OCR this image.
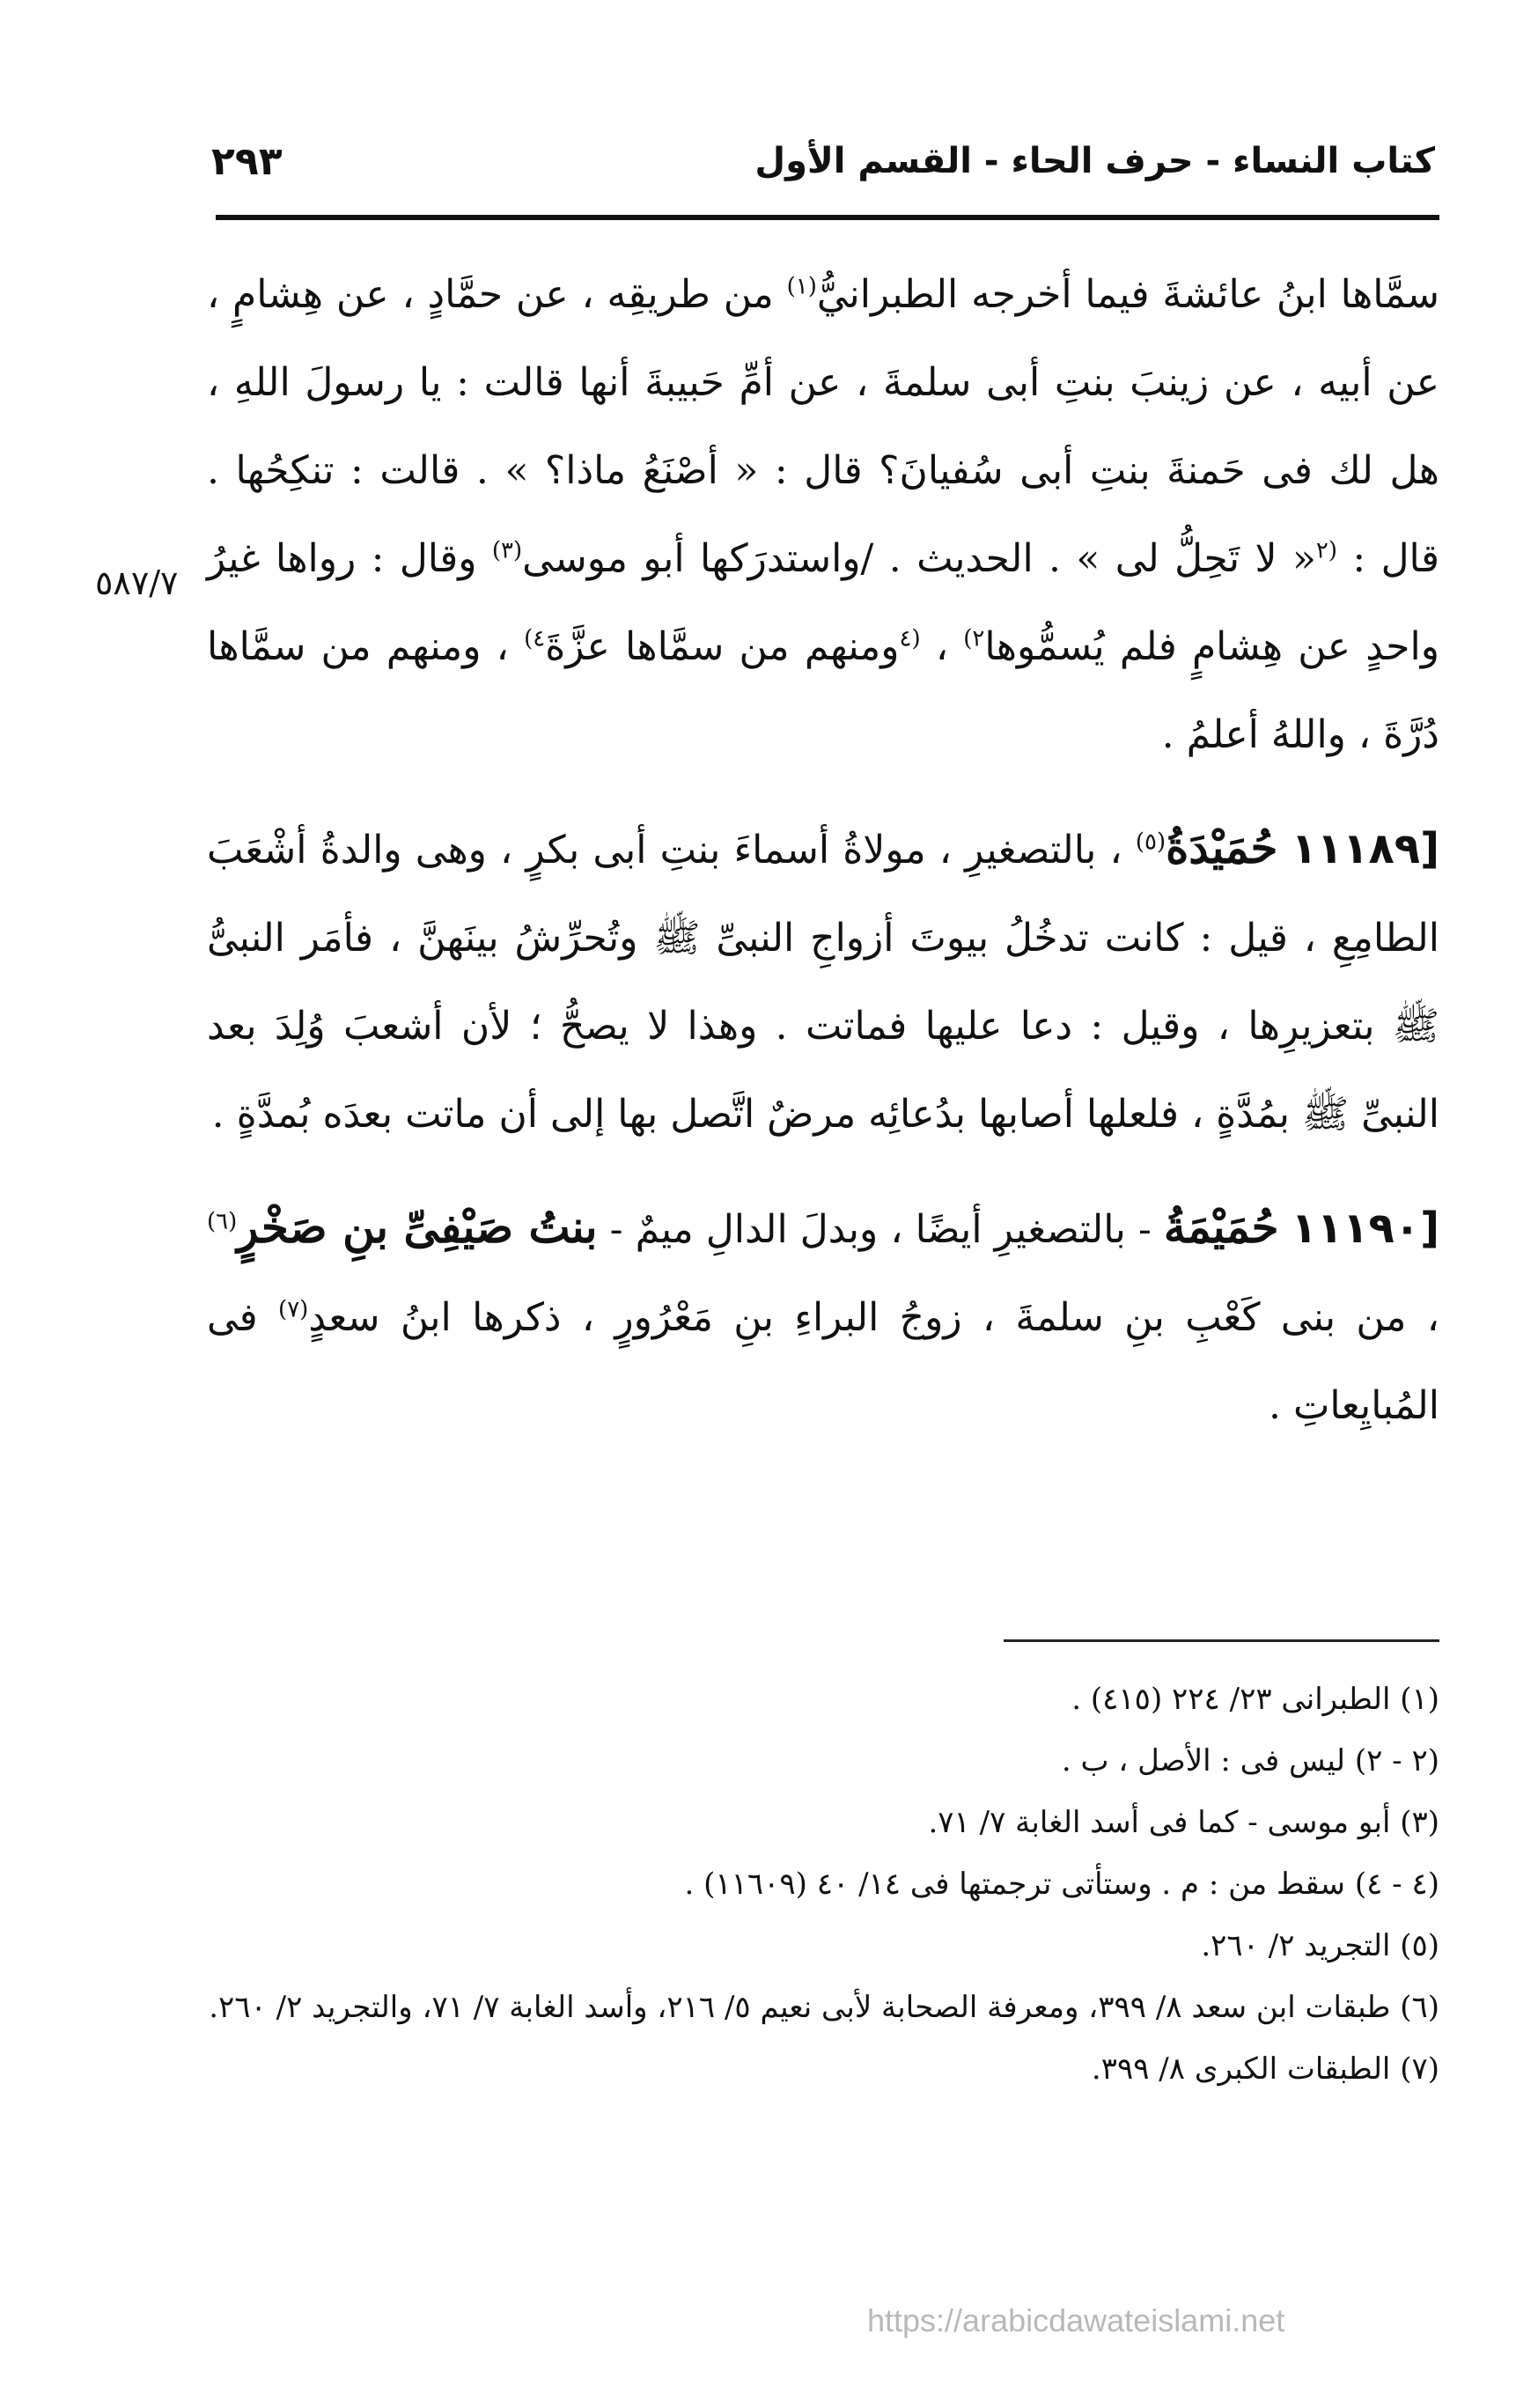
كتاب النساء - حرف الحاء - القسم الأول
٢٩٣

سمَّاها ابنُ عائشةَ فيما أخرجه الطبرانيُّ$^{(١)}$ من طريقِه ، عن حمَّادٍ ، عن هِشامٍ ، عن أبيه ، عن زينبَ بنتِ أبى سلمةَ ، عن أمِّ حَبيبةَ أنها قالت : يا رسولَ اللهِ ، هل لك فى حَمنةَ بنتِ أبى سُفيانَ؟ قال : « أصْنَعُ ماذا؟ » . قالت : تنكِحُها . قال : $^{(٢}$« لا تَحِلُّ لى » . الحديث . /واستدرَكها أبو موسى$^{(٣)}$ وقال : رواها غيرُ واحدٍ عن هِشامٍ فلم يُسمُّوها$^{٢)}$ ، $^{(٤}$ومنهم من سمَّاها عزَّةَ$^{٤)}$ ، ومنهم من سمَّاها دُرَّةَ ، واللهُ أعلمُ .

[١١١٨٩ حُمَيْدَةُ$^{(٥)}$ ، بالتصغيرِ ، مولاةُ أسماءَ بنتِ أبى بكرٍ ، وهى والدةُ أشْعَبَ الطامِعِ ، قيل : كانت تدخُلُ بيوتَ أزواجِ النبىِّ ﷺ وتُحرِّشُ بينَهنَّ ، فأمَر النبىُّ ﷺ بتعزيرِها ، وقيل : دعا عليها فماتت . وهذا لا يصحُّ ؛ لأن أشعبَ وُلِدَ بعد النبىِّ ﷺ بمُدَّةٍ ، فلعلها أصابها بدُعائِه مرضٌ اتَّصل بها إلى أن ماتت بعدَه بُمدَّةٍ .

[١١١٩٠ حُمَيْمَةُ - بالتصغيرِ أيضًا ، وبدلَ الدالِ ميمٌ - بنتُ صَيْفِىِّ بنِ صَخْرٍ$^{(٦)}$ ، من بنى كَعْبِ بنِ سلمةَ ، زوجُ البراءِ بنِ مَعْرُورٍ ، ذكرها ابنُ سعدٍ$^{(٧)}$ فى المُبايِعاتِ .

٥٨٧/٧

(١) الطبرانى ٢٣/ ٢٢٤ (٤١٥) .

(٢ - ٢) ليس فى : الأصل ، ب .

(٣) أبو موسى - كما فى أسد الغابة ٧/ ٧١.

(٤ - ٤) سقط من : م . وستأتى ترجمتها فى ١٤/ ٤٠ (١١٦٠٩) .

(٥) التجريد ٢/ ٢٦٠.

(٦) طبقات ابن سعد ٨/ ٣٩٩، ومعرفة الصحابة لأبى نعيم ٥/ ٢١٦، وأسد الغابة ٧/ ٧١، والتجريد ٢/ ٢٦٠.

(٧) الطبقات الكبرى ٨/ ٣٩٩.

https://arabicdawateislami.net
